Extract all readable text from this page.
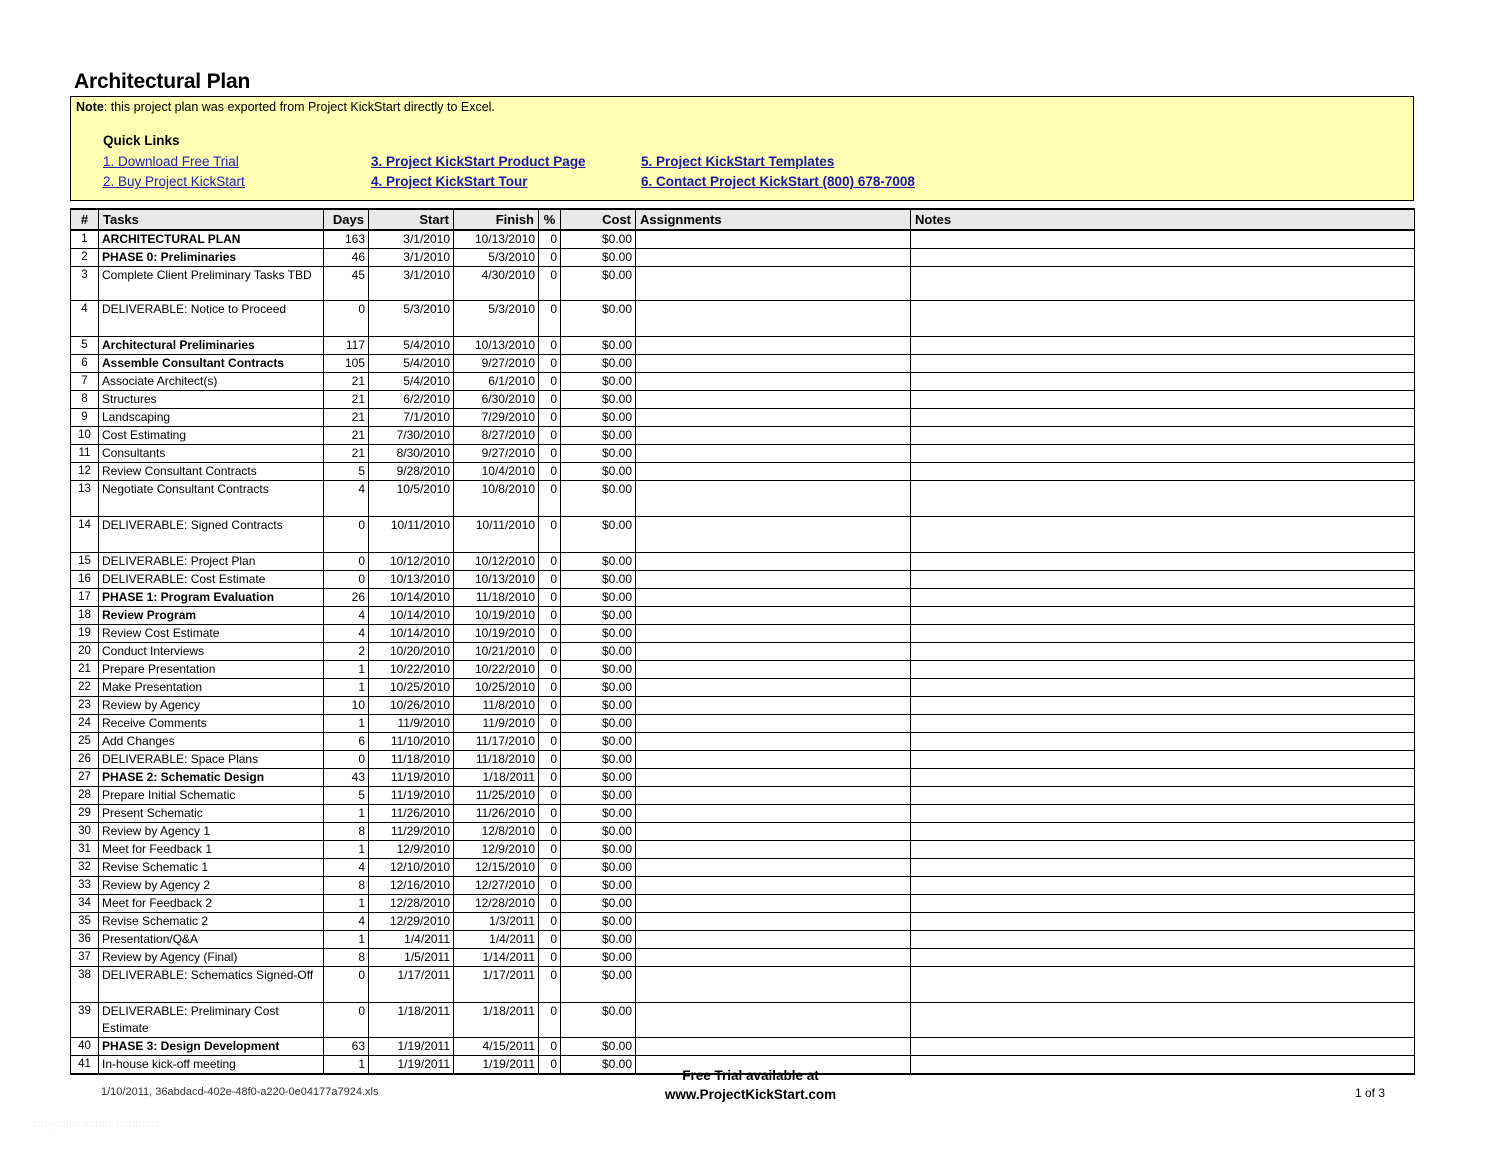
Architectural Plan
Note: this project plan was exported from Project KickStart directly to Excel.
Quick Links
1. Download Free Trial
2. Buy Project KickStart
3. Project KickStart Product Page
4. Project KickStart Tour
5. Project KickStart Templates
6. Contact Project KickStart (800) 678-7008
#	Tasks	Days	Start	Finish	%	Cost	Assignments	Notes
1	ARCHITECTURAL PLAN	163	3/1/2010	10/13/2010	0	$0.00		
2	PHASE 0: Preliminaries	46	3/1/2010	5/3/2010	0	$0.00		
3	Complete Client Preliminary Tasks TBD	45	3/1/2010	4/30/2010	0	$0.00		
4	DELIVERABLE: Notice to Proceed	0	5/3/2010	5/3/2010	0	$0.00		
5	Architectural Preliminaries	117	5/4/2010	10/13/2010	0	$0.00		
6	Assemble Consultant Contracts	105	5/4/2010	9/27/2010	0	$0.00		
7	Associate Architect(s)	21	5/4/2010	6/1/2010	0	$0.00		
8	Structures	21	6/2/2010	6/30/2010	0	$0.00		
9	Landscaping	21	7/1/2010	7/29/2010	0	$0.00		
10	Cost Estimating	21	7/30/2010	8/27/2010	0	$0.00		
11	Consultants	21	8/30/2010	9/27/2010	0	$0.00		
12	Review Consultant Contracts	5	9/28/2010	10/4/2010	0	$0.00		
13	Negotiate Consultant Contracts	4	10/5/2010	10/8/2010	0	$0.00		
14	DELIVERABLE: Signed Contracts	0	10/11/2010	10/11/2010	0	$0.00		
15	DELIVERABLE: Project Plan	0	10/12/2010	10/12/2010	0	$0.00		
16	DELIVERABLE: Cost Estimate	0	10/13/2010	10/13/2010	0	$0.00		
17	PHASE 1: Program Evaluation	26	10/14/2010	11/18/2010	0	$0.00		
18	Review Program	4	10/14/2010	10/19/2010	0	$0.00		
19	Review Cost Estimate	4	10/14/2010	10/19/2010	0	$0.00		
20	Conduct Interviews	2	10/20/2010	10/21/2010	0	$0.00		
21	Prepare Presentation	1	10/22/2010	10/22/2010	0	$0.00		
22	Make Presentation	1	10/25/2010	10/25/2010	0	$0.00		
23	Review by Agency	10	10/26/2010	11/8/2010	0	$0.00		
24	Receive Comments	1	11/9/2010	11/9/2010	0	$0.00		
25	Add Changes	6	11/10/2010	11/17/2010	0	$0.00		
26	DELIVERABLE: Space Plans	0	11/18/2010	11/18/2010	0	$0.00		
27	PHASE 2: Schematic Design	43	11/19/2010	1/18/2011	0	$0.00		
28	Prepare Initial Schematic	5	11/19/2010	11/25/2010	0	$0.00		
29	Present Schematic	1	11/26/2010	11/26/2010	0	$0.00		
30	Review by Agency 1	8	11/29/2010	12/8/2010	0	$0.00		
31	Meet for Feedback 1	1	12/9/2010	12/9/2010	0	$0.00		
32	Revise Schematic 1	4	12/10/2010	12/15/2010	0	$0.00		
33	Review by Agency 2	8	12/16/2010	12/27/2010	0	$0.00		
34	Meet for Feedback 2	1	12/28/2010	12/28/2010	0	$0.00		
35	Revise Schematic 2	4	12/29/2010	1/3/2011	0	$0.00		
36	Presentation/Q&A	1	1/4/2011	1/4/2011	0	$0.00		
37	Review by Agency (Final)	8	1/5/2011	1/14/2011	0	$0.00		
38	DELIVERABLE: Schematics Signed-Off	0	1/17/2011	1/17/2011	0	$0.00		
39	DELIVERABLE: Preliminary Cost Estimate	0	1/18/2011	1/18/2011	0	$0.00		
40	PHASE 3: Design Development	63	1/19/2011	4/15/2011	0	$0.00		
41	In-house kick-off meeting	1	1/19/2011	1/19/2011	0	$0.00		
1/10/2011, 36abdacd-402e-48f0-a220-0e04177a7924.xls
Free Trial available at
www.ProjectKickStart.com	1 of 3
projectkickstart-template
